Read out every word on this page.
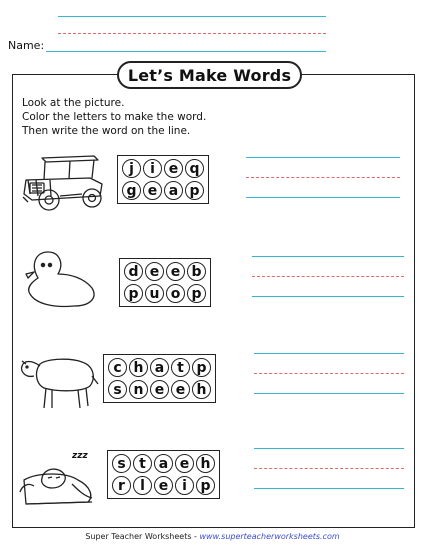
Name:
Let’s Make Words
Look at the picture.
Color the letters to make the word.
Then write the word on the line.
j	i e q
g e a p
d e e b
p u o p
c h a t p
s n e e h
zzz	s t a e h
r	l e i p
Super Teacher Worksheets - www.superteacherworksheets.com
